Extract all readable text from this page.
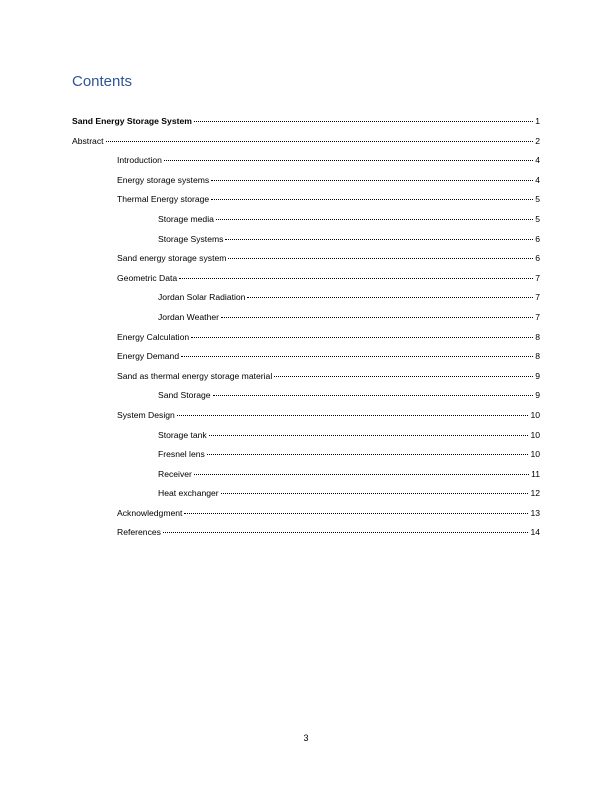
Contents
Sand Energy Storage System	1
Abstract	2
Introduction	4
Energy storage systems	4
Thermal Energy storage	5
Storage media	5
Storage Systems	6
Sand energy storage system	6
Geometric Data	7
Jordan Solar Radiation	7
Jordan Weather	7
Energy Calculation	8
Energy Demand	8
Sand as thermal energy storage material	9
Sand Storage	9
System Design	10
Storage tank	10
Fresnel lens	10
Receiver	11
Heat exchanger	12
Acknowledgment	13
References	14
3
